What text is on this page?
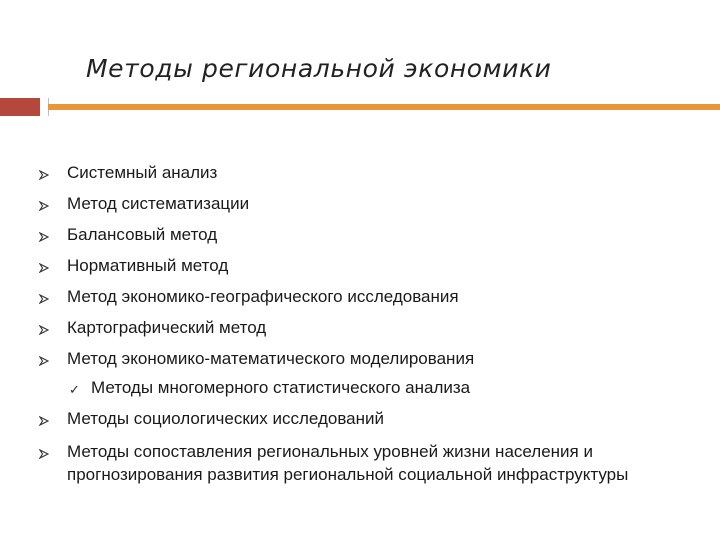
Методы региональной экономики
Системный анализ
Метод систематизации
Балансовый метод
Нормативный метод
Метод экономико-географического исследования
Картографический метод
Метод экономико-математического моделирования
✓ Методы многомерного статистического анализа
Методы социологических исследований
Методы сопоставления региональных уровней жизни населения и
прогнозирования развития региональной социальной инфраструктуры
